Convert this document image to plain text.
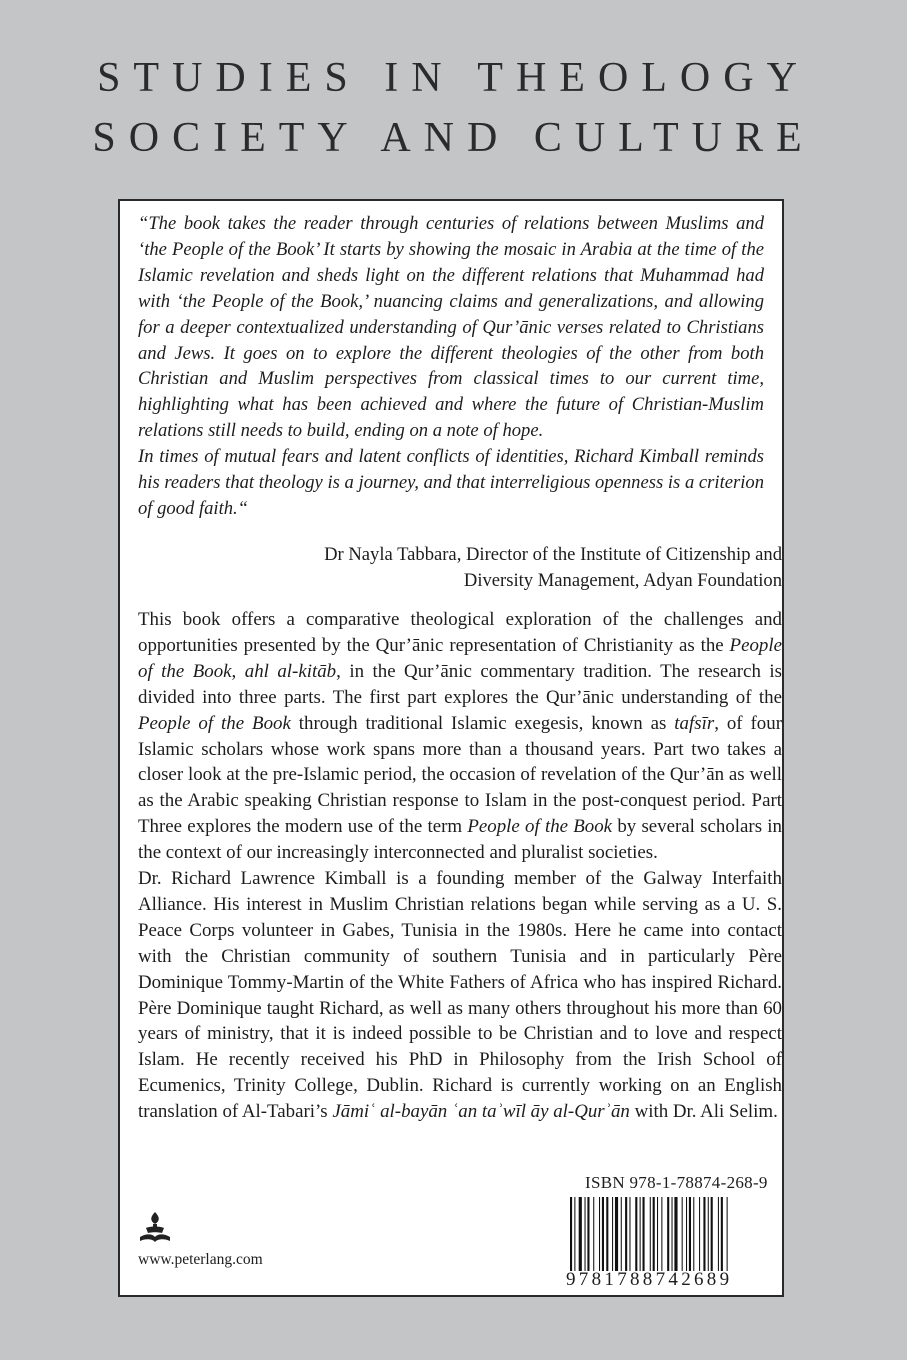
STUDIES IN THEOLOGY
SOCIETY AND CULTURE

“The book takes the reader through centuries of relations between Muslims and ‘the People of the Book’ It starts by showing the mosaic in Arabia at the time of the Islamic revelation and sheds light on the different relations that Muhammad had with ‘the People of the Book,’ nuancing claims and generalizations, and allowing for a deeper contextualized understanding of Qur’ānic verses related to Christians and Jews. It goes on to explore the different theologies of the other from both Christian and Muslim perspectives from classical times to our current time, highlighting what has been achieved and where the future of Christian-Muslim relations still needs to build, ending on a note of hope.

In times of mutual fears and latent conflicts of identities, Richard Kimball reminds his readers that theology is a journey, and that interreligious openness is a criterion of good faith.“

Dr Nayla Tabbara, Director of the Institute of Citizenship and
Diversity Management, Adyan Foundation

This book offers a comparative theological exploration of the challenges and opportunities presented by the Qur’ānic representation of Christianity as the People of the Book, ahl al-kitāb, in the Qur’ānic commentary tradition. The research is divided into three parts. The first part explores the Qur’ānic understanding of the People of the Book through traditional Islamic exegesis, known as tafsīr, of four Islamic scholars whose work spans more than a thousand years. Part two takes a closer look at the pre-Islamic period, the occasion of revelation of the Qur’ān as well as the Arabic speaking Christian response to Islam in the post-conquest period. Part Three explores the modern use of the term People of the Book by several scholars in the context of our increasingly interconnected and pluralist societies.

Dr. Richard Lawrence Kimball is a founding member of the Galway Interfaith Alliance. His interest in Muslim Christian relations began while serving as a U. S. Peace Corps volunteer in Gabes, Tunisia in the 1980s. Here he came into contact with the Christian community of southern Tunisia and in particularly Père Dominique Tommy-Martin of the White Fathers of Africa who has inspired Richard. Père Dominique taught Richard, as well as many others throughout his more than 60 years of ministry, that it is indeed possible to be Christian and to love and respect Islam. He recently received his PhD in Philosophy from the Irish School of Ecumenics, Trinity College, Dublin. Richard is currently working on an English translation of Al-Tabari’s Jāmiʿ al-bayān ʿan taʾwīl āy al-Qurʾān with Dr. Ali Selim.

ISBN 978-1-78874-268-9
9781788742689
www.peterlang.com
